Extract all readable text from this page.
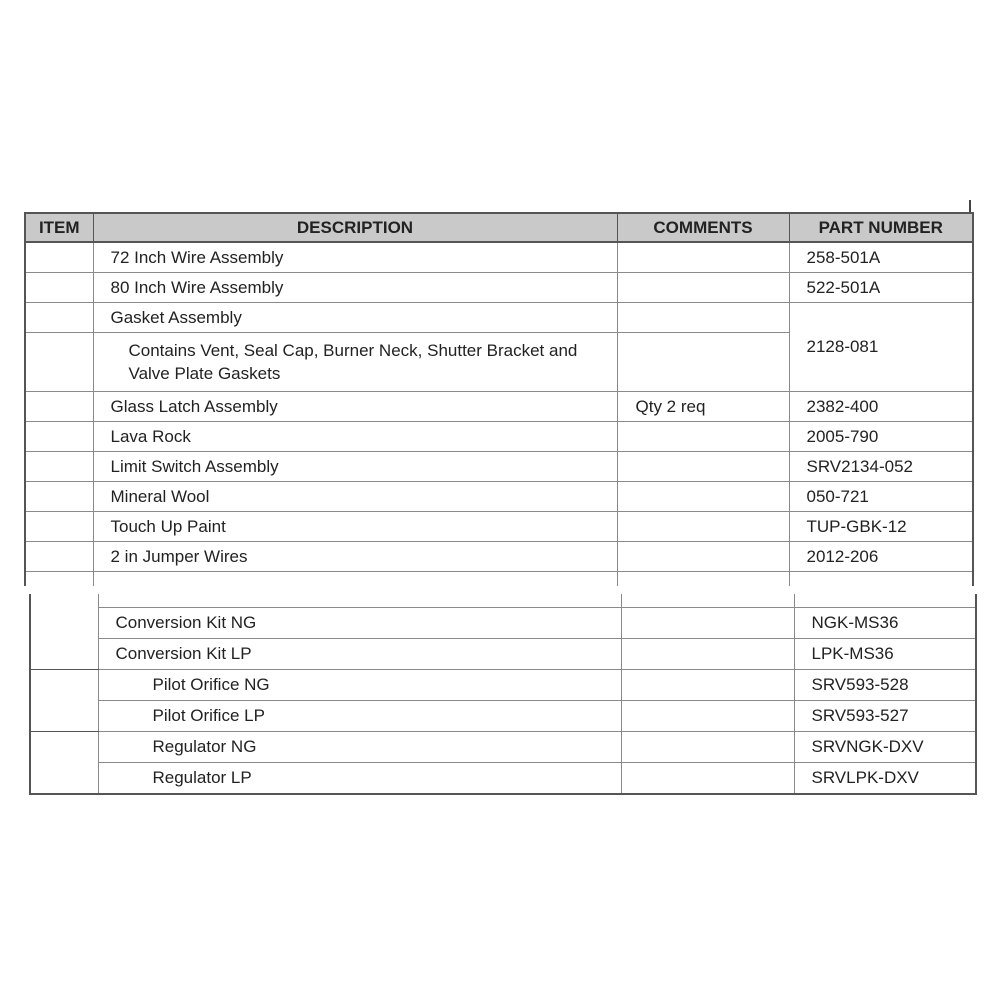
ITEM	DESCRIPTION	COMMENTS	PART NUMBER
	72 Inch Wire Assembly		258-501A
	80 Inch Wire Assembly		522-501A
	Gasket Assembly		2128-081
	Contains Vent, Seal Cap, Burner Neck, Shutter Bracket and Valve Plate Gaskets		
	Glass Latch Assembly	Qty 2 req	2382-400
	Lava Rock		2005-790
	Limit Switch Assembly		SRV2134-052
	Mineral Wool		050-721
	Touch Up Paint		TUP-GBK-12
	2 in Jumper Wires		2012-206

	Conversion Kit NG		NGK-MS36
	Conversion Kit LP		LPK-MS36
	Pilot Orifice NG		SRV593-528
	Pilot Orifice LP		SRV593-527
	Regulator NG		SRVNGK-DXV
	Regulator LP		SRVLPK-DXV
